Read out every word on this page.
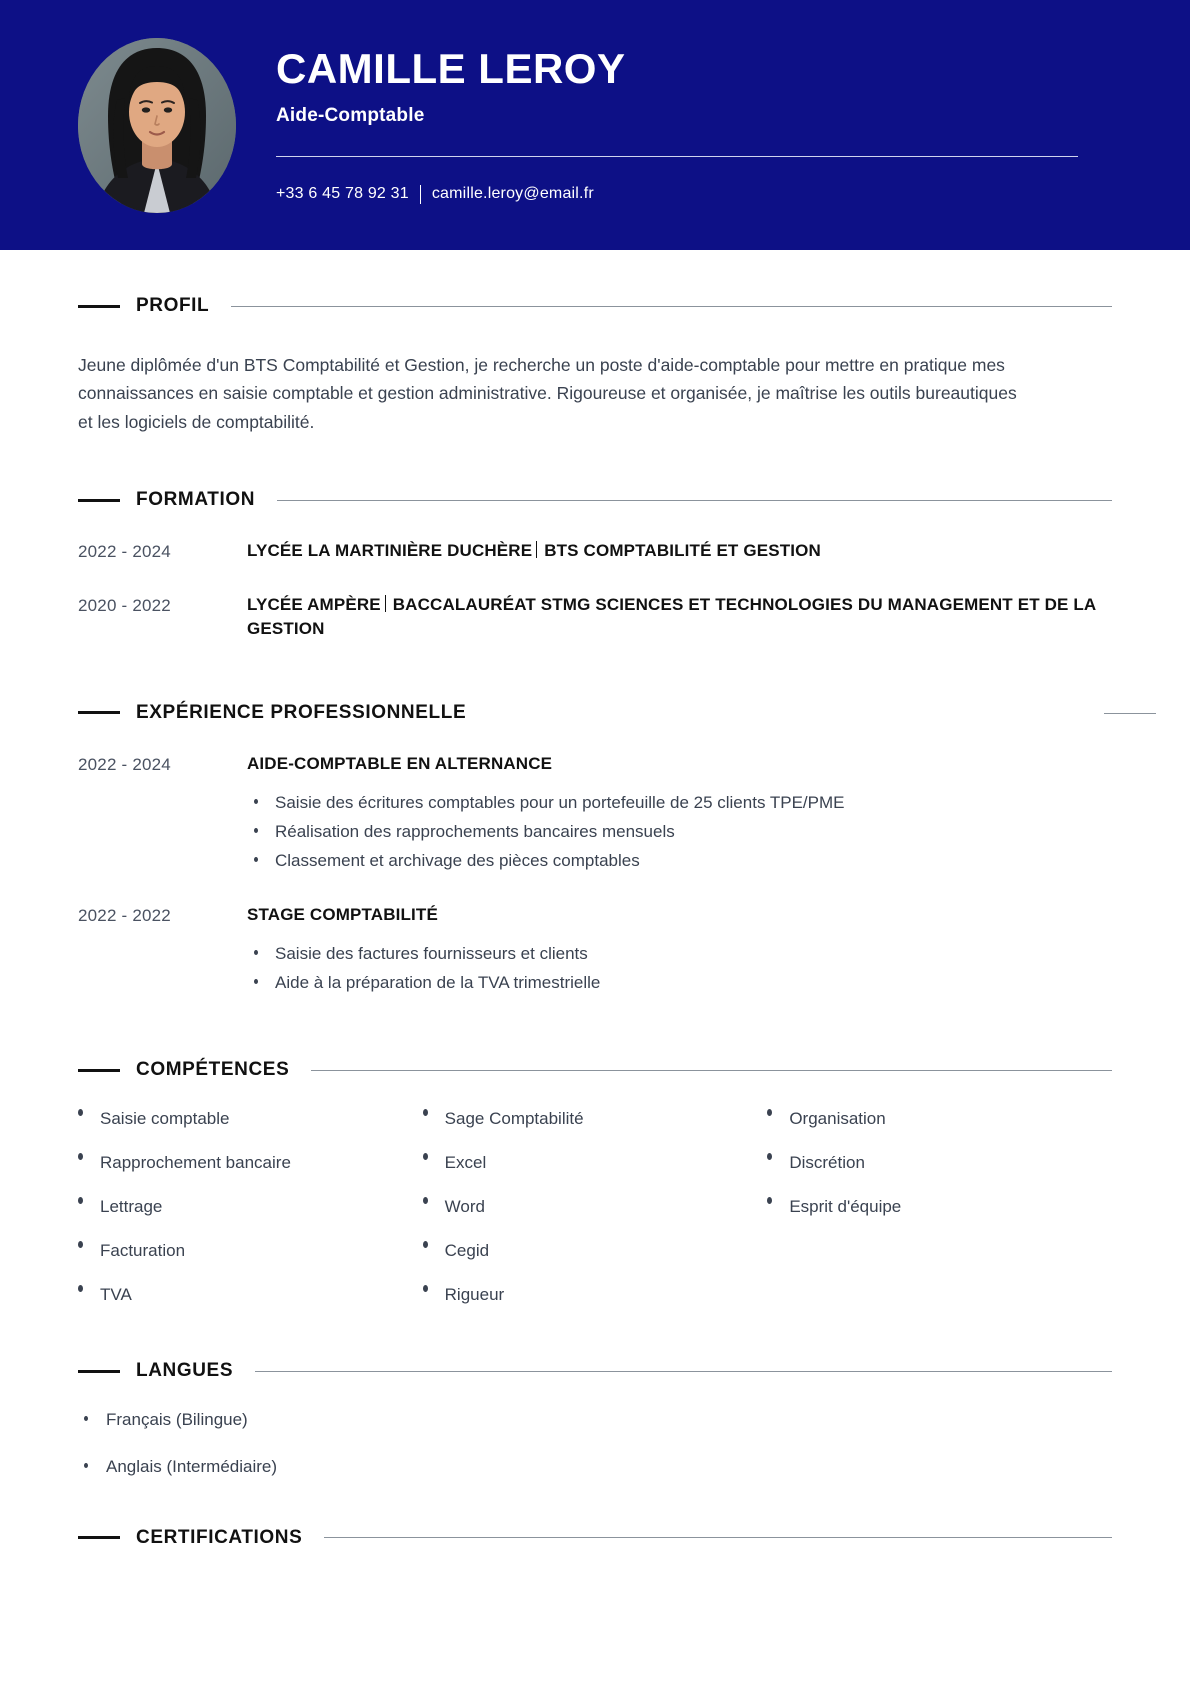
CAMILLE LEROY

Aide-Comptable

+33 6 45 78 92 31 camille.leroy@email.fr
PROFIL

Jeune diplômée d'un BTS Comptabilité et Gestion, je recherche un poste d'aide-comptable pour mettre en pratique mes connaissances en saisie comptable et gestion administrative. Rigoureuse et organisée, je maîtrise les outils bureautiques et les logiciels de comptabilité.

FORMATION
2022 - 2024	LYCÉE LA MARTINIÈRE DUCHÈRE BTS COMPTABILITÉ ET GESTION
2020 - 2022	LYCÉE AMPÈRE BACCALAURÉAT STMG SCIENCES ET TECHNOLOGIES DU MANAGEMENT ET DE LA GESTION
EXPÉRIENCE PROFESSIONNELLE
2022 - 2024	AIDE-COMPTABLE EN ALTERNANCE
Saisie des écritures comptables pour un portefeuille de 25 clients TPE/PME
Réalisation des rapprochements bancaires mensuels
Classement et archivage des pièces comptables
2022 - 2022	STAGE COMPTABILITÉ
Saisie des factures fournisseurs et clients
Aide à la préparation de la TVA trimestrielle
COMPÉTENCES
Saisie comptable
Rapprochement bancaire
Lettrage
Facturation
TVA
Sage Comptabilité
Excel
Word
Cegid
Rigueur
Organisation
Discrétion
Esprit d'équipe
LANGUES
Français (Bilingue)
Anglais (Intermédiaire)
CERTIFICATIONS
